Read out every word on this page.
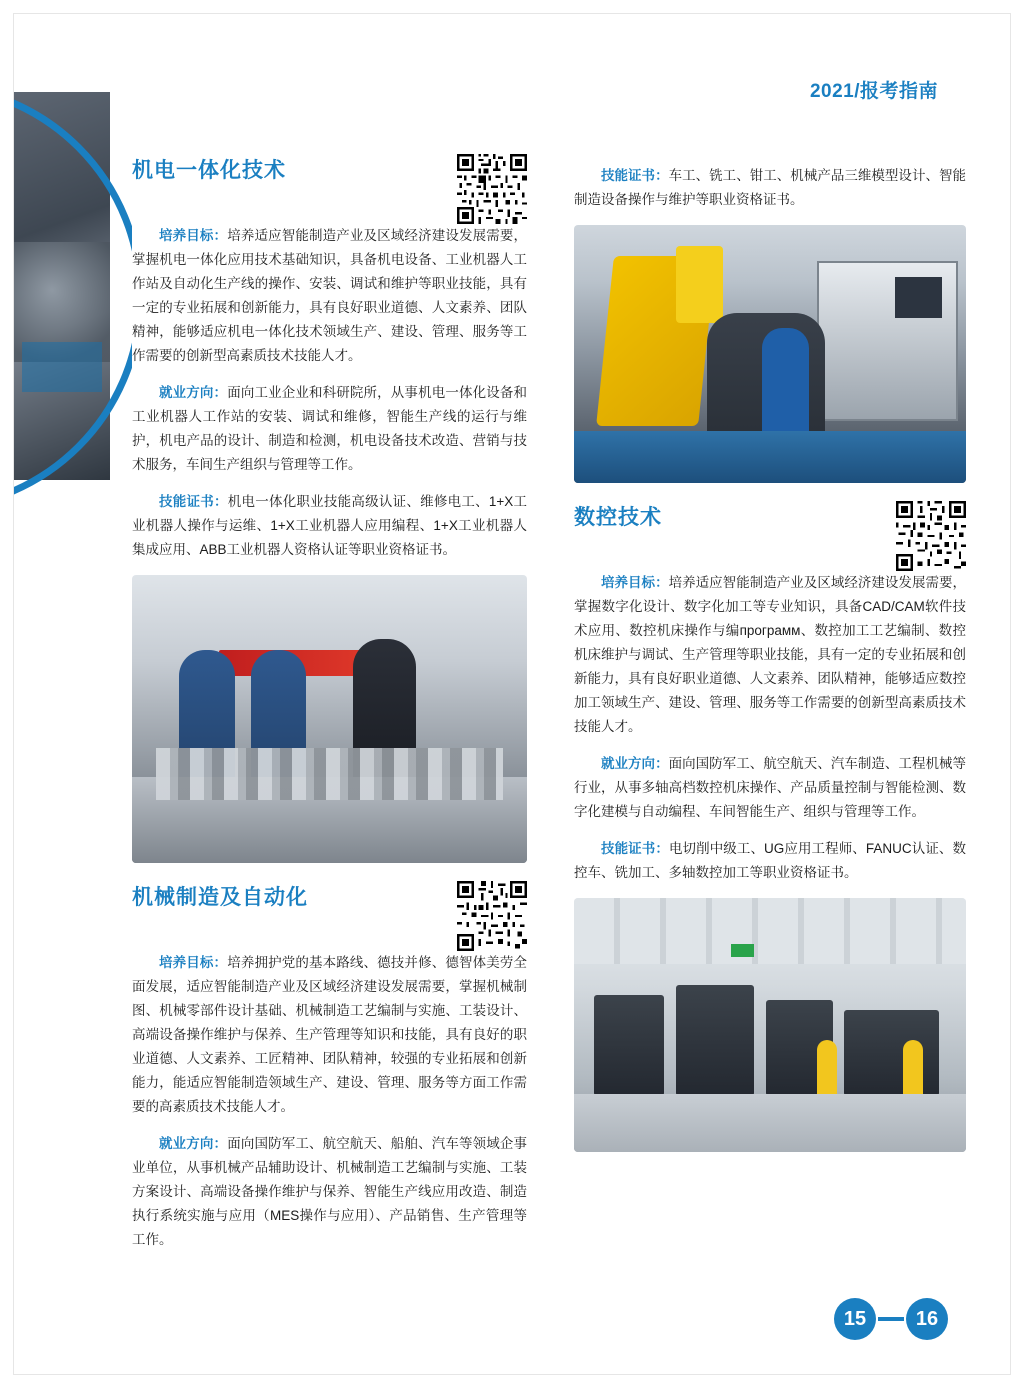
2021/报考指南
机电一体化技术

培养目标：培养适应智能制造产业及区域经济建设发展需要，掌握机电一体化应用技术基础知识，具备机电设备、工业机器人工作站及自动化生产线的操作、安装、调试和维护等职业技能，具有一定的专业拓展和创新能力，具有良好职业道德、人文素养、团队精神，能够适应机电一体化技术领域生产、建设、管理、服务等工作需要的创新型高素质技术技能人才。

就业方向：面向工业企业和科研院所，从事机电一体化设备和工业机器人工作站的安装、调试和维修，智能生产线的运行与维护，机电产品的设计、制造和检测，机电设备技术改造、营销与技术服务，车间生产组织与管理等工作。

技能证书：机电一体化职业技能高级认证、维修电工、1+X工业机器人操作与运维、1+X工业机器人应用编程、1+X工业机器人集成应用、ABB工业机器人资格认证等职业资格证书。

机械制造及自动化

培养目标：培养拥护党的基本路线、德技并修、德智体美劳全面发展，适应智能制造产业及区域经济建设发展需要，掌握机械制图、机械零部件设计基础、机械制造工艺编制与实施、工装设计、高端设备操作维护与保养、生产管理等知识和技能，具有良好的职业道德、人文素养、工匠精神、团队精神，较强的专业拓展和创新能力，能适应智能制造领域生产、建设、管理、服务等方面工作需要的高素质技术技能人才。

就业方向：面向国防军工、航空航天、船舶、汽车等领域企事业单位，从事机械产品辅助设计、机械制造工艺编制与实施、工装方案设计、高端设备操作维护与保养、智能生产线应用改造、制造执行系统实施与应用（MES操作与应用）、产品销售、生产管理等工作。

技能证书：车工、铣工、钳工、机械产品三维模型设计、智能制造设备操作与维护等职业资格证书。

数控技术

培养目标：培养适应智能制造产业及区域经济建设发展需要，掌握数字化设计、数字化加工等专业知识，具备CAD/CAM软件技术应用、数控机床操作与编программ、数控加工工艺编制、数控机床维护与调试、生产管理等职业技能，具有一定的专业拓展和创新能力，具有良好职业道德、人文素养、团队精神，能够适应数控加工领域生产、建设、管理、服务等工作需要的创新型高素质技术技能人才。

就业方向：面向国防军工、航空航天、汽车制造、工程机械等行业，从事多轴高档数控机床操作、产品质量控制与智能检测、数字化建模与自动编程、车间智能生产、组织与管理等工作。

技能证书：电切削中级工、UG应用工程师、FANUC认证、数控车、铣加工、多轴数控加工等职业资格证书。

15	16
